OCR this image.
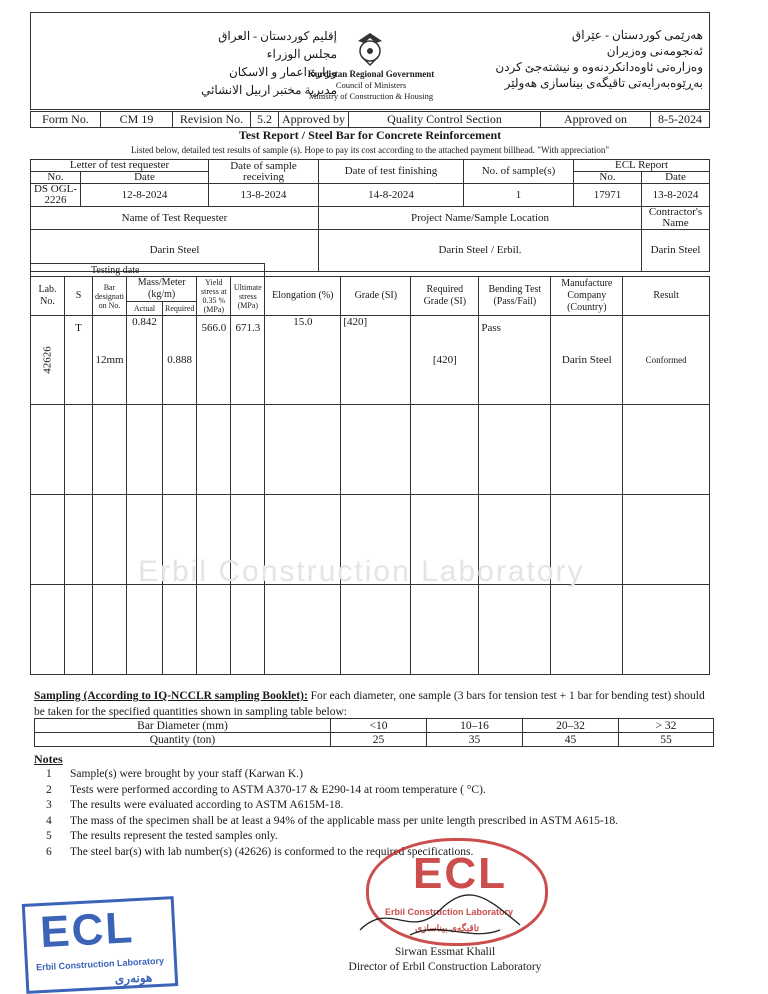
إقليم كوردستان - العراق
مجلس الوزراء
وزارة اعمار و الاسكان
مديرية مختبر اربيل الانشائي
Kurdistan Regional Government
Council of Ministers
Ministry of Construction & Housing
هەرێمی کوردستان - عێراق
ئەنجومەنی وەزیران
وەزارەتی ئاوەدانکردنەوە و نیشتەجێ کردن
بەڕێوەبەرایەتی تاقیگەی بیناسازی هەولێر
Form No.	CM 19	Revision No.	5.2	Approved by	Quality Control Section	Approved on	8-5-2024
Test Report / Steel Bar for Concrete Reinforcement
Listed below, detailed test results of sample (s). Hope to pay its cost according to the attached payment billhead. "With appreciation"
Letter of test requester		Date of sample receiving	Date of test finishing	No. of sample(s)	ECL Report	
No.	Date				No.	Date
DS OGL-2226	12-8-2024	13-8-2024	14-8-2024	1	17971	13-8-2024
Name of Test Requester			Project Name/Sample Location			Contractor's Name
Darin Steel			Darin Steel / Erbil.			Darin Steel
Testing date												
Lab. No.	S	Bar designati on No.	Mass/Meter (kg/m)		Yield stress at 0.35 % (MPa)	Ultimate stress (MPa)	Elongation (%)	Grade (SI)	Required Grade (SI)	Bending Test (Pass/Fail)	Manufacture Company (Country)	Result
			Actual	Required								

42626	T	12mm	0.842	0.888	566.0	671.3	15.0	[420]	[420]	Pass	Darin Steel	Conformed

Erbil Construction Laboratory
Sampling (According to IQ-NCCLR sampling Booklet): For each diameter, one sample (3 bars for tension test + 1 bar for bending test) should be taken for the specified quantities shown in sampling table below:
Bar Diameter (mm)	<10	10–16	20–32	> 32
Quantity (ton)	25	35	45	55
Notes
1 Sample(s) were brought by your staff (Karwan K.)
2 Tests were performed according to ASTM A370-17 & E290-14 at room temperature ( °C).
3 The results were evaluated according to ASTM A615M-18.
4 The mass of the specimen shall be at least a 94% of the applicable mass per unite length prescribed in ASTM A615-18.
5 The results represent the tested samples only.
6 The steel bar(s) with lab number(s) (42626) is conformed to the required specifications.
ECL
Erbil Construction Laboratory
تاقیگەی بیناسازی
Sirwan Essmat Khalil
Director of Erbil Construction Laboratory
ECL
Erbil Construction Laboratory
هونەری
